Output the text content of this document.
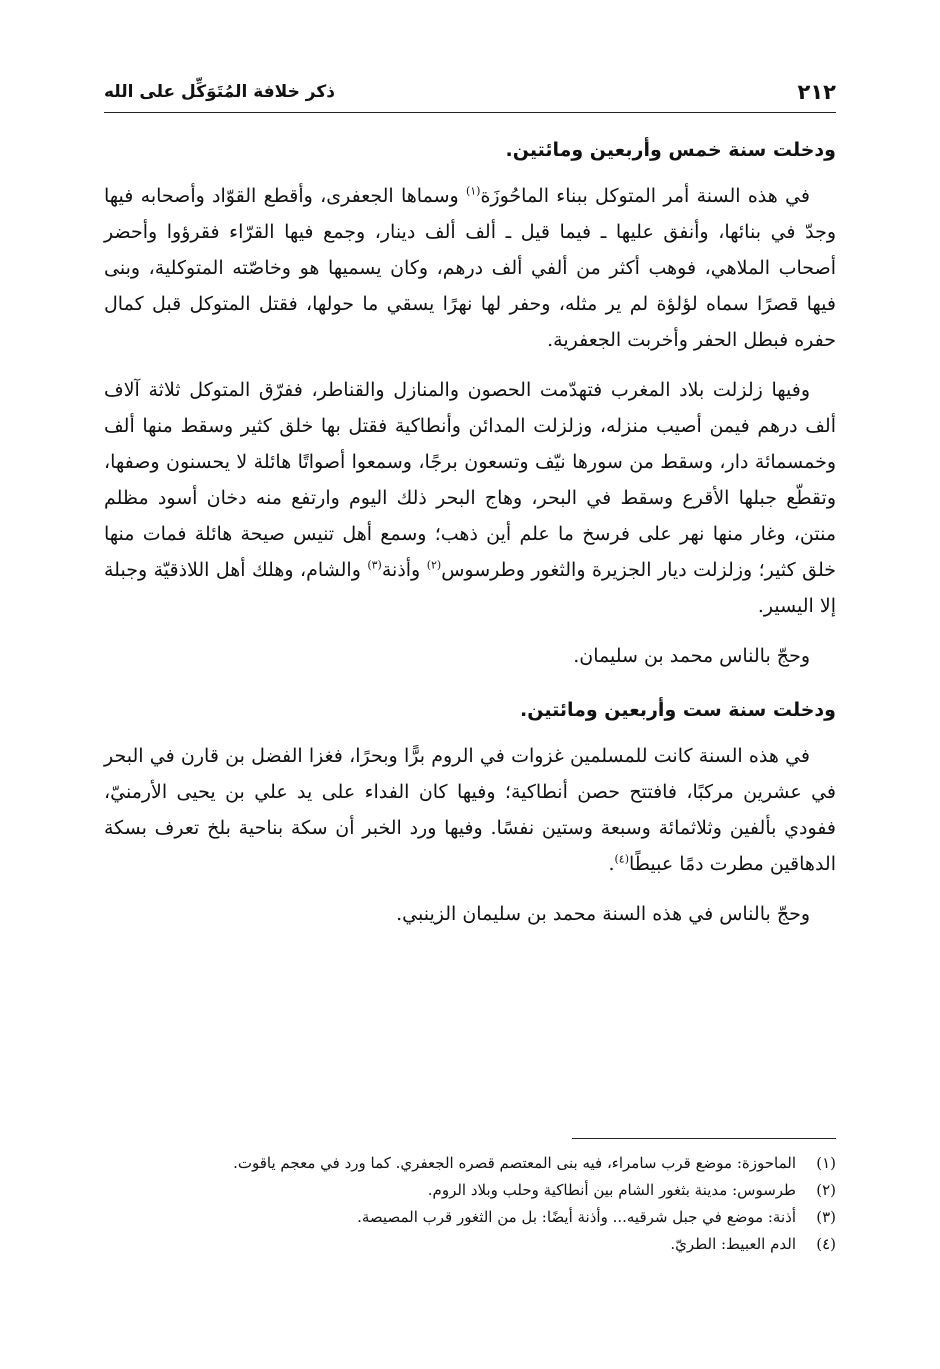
٢١٢
ذكر خلافة المُتَوَكِّل على الله
ودخلت سنة خمس وأربعين ومائتين.

في هذه السنة أمر المتوكل ببناء الماحُوزَة$^{(١)}$ وسماها الجعفرى، وأقطع القوّاد وأصحابه فيها وجدّ في بنائها، وأنفق عليها ـ فيما قيل ـ ألف ألف دينار، وجمع فيها القرّاء فقرؤوا وأحضر أصحاب الملاهي، فوهب أكثر من ألفي ألف درهم، وكان يسميها هو وخاصّته المتوكلية، وبنى فيها قصرًا سماه لؤلؤة لم ير مثله، وحفر لها نهرًا يسقي ما حولها، فقتل المتوكل قبل كمال حفره فبطل الحفر وأخربت الجعفرية.

وفيها زلزلت بلاد المغرب فتهدّمت الحصون والمنازل والقناطر، ففرّق المتوكل ثلاثة آلاف ألف درهم فيمن أصيب منزله، وزلزلت المدائن وأنطاكية فقتل بها خلق كثير وسقط منها ألف وخمسمائة دار، وسقط من سورها نيّف وتسعون برجًا، وسمعوا أصواتًا هائلة لا يحسنون وصفها، وتقطّع جبلها الأقرع وسقط في البحر، وهاج البحر ذلك اليوم وارتفع منه دخان أسود مظلم منتن، وغار منها نهر على فرسخ ما علم أين ذهب؛ وسمع أهل تنيس صيحة هائلة فمات منها خلق كثير؛ وزلزلت ديار الجزيرة والثغور وطرسوس$^{(٢)}$ وأذنة$^{(٣)}$ والشام، وهلك أهل اللاذقيّة وجبلة إلا اليسير.

وحجّ بالناس محمد بن سليمان.

ودخلت سنة ست وأربعين ومائتين.

في هذه السنة كانت للمسلمين غزوات في الروم برًّا وبحرًا، فغزا الفضل بن قارن في البحر في عشرين مركبًا، فافتتح حصن أنطاكية؛ وفيها كان الفداء على يد علي بن يحيى الأرمنيّ، ففودي بألفين وثلاثمائة وسبعة وستين نفسًا. وفيها ورد الخبر أن سكة بناحية بلخ تعرف بسكة الدهاقين مطرت دمًا عبيطًا$^{(٤)}$.

وحجّ بالناس في هذه السنة محمد بن سليمان الزينبي.

(١)
الماحوزة: موضع قرب سامراء، فيه بنى المعتصم قصره الجعفري. كما ورد في معجم ياقوت.
(٢)
طرسوس: مدينة بثغور الشام بين أنطاكية وحلب وبلاد الروم.
(٣)
أذنة: موضع في جبل شرقيه... وأذنة أيضًا: بل من الثغور قرب المصيصة.
(٤)
الدم العبيط: الطريّ.
